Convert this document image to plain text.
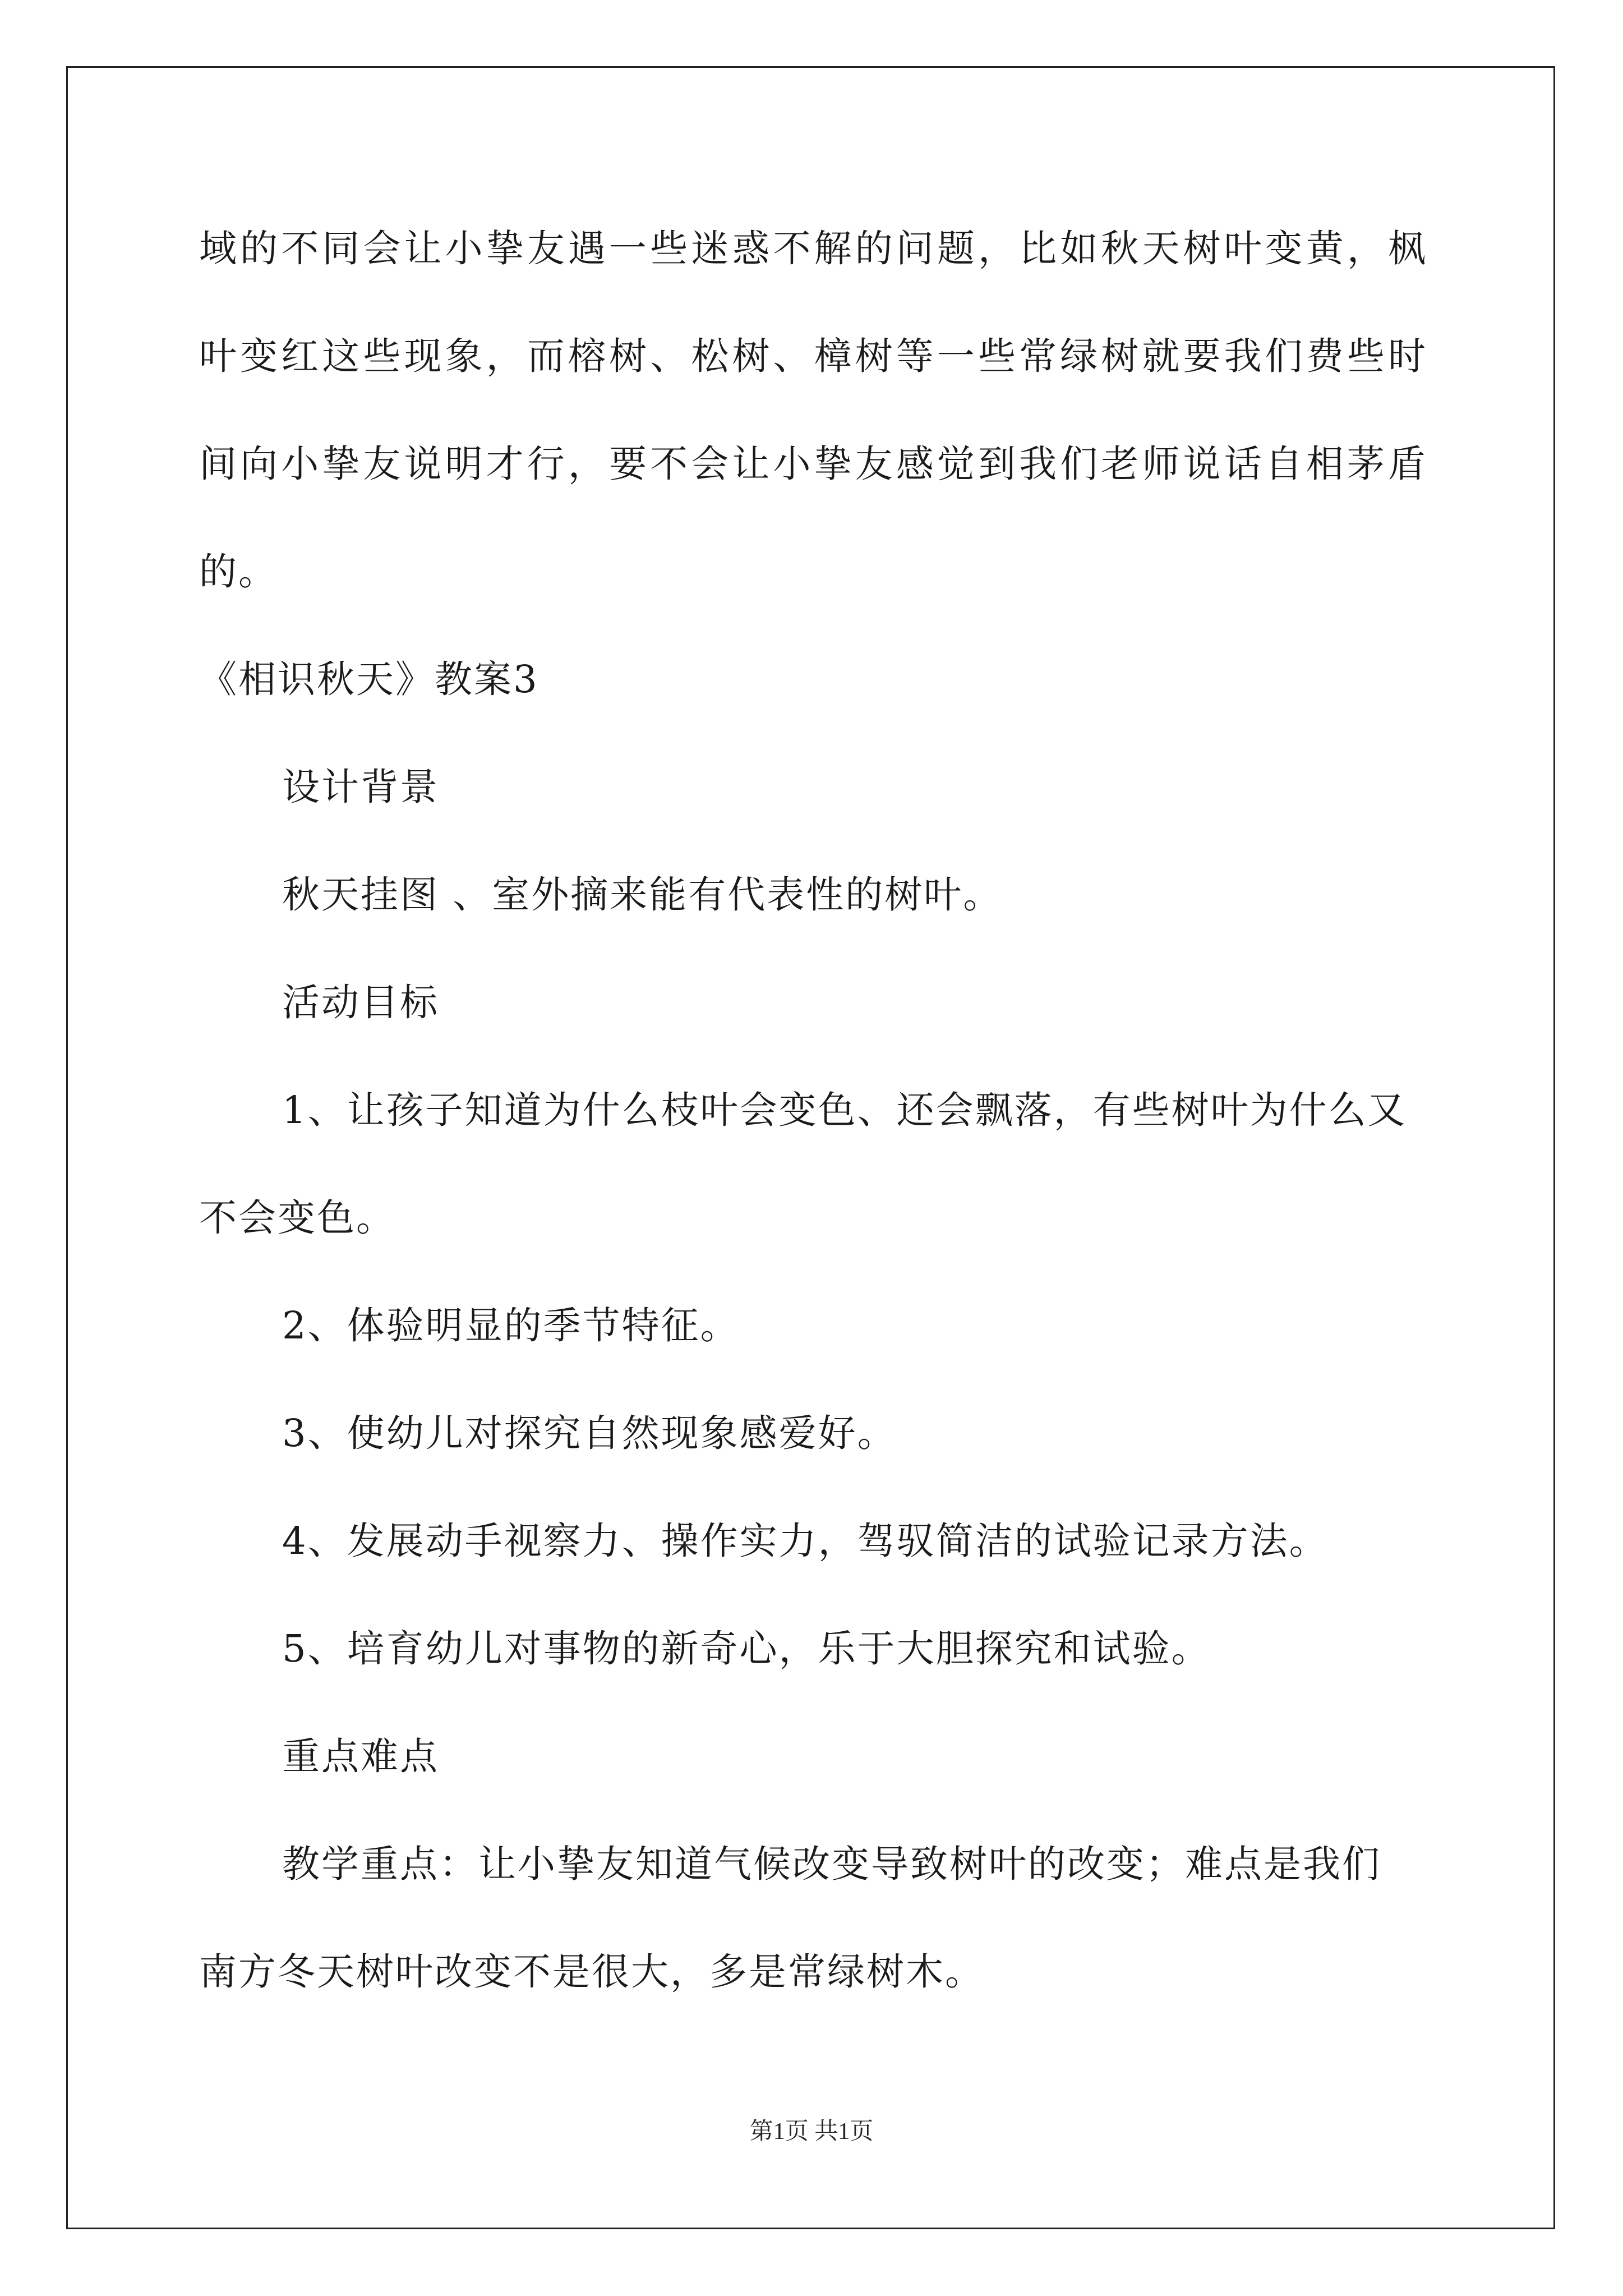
域的不同会让小挚友遇一些迷惑不解的问题，比如秋天树叶变黄，枫
叶变红这些现象，而榕树、松树、樟树等一些常绿树就要我们费些时
间向小挚友说明才行，要不会让小挚友感觉到我们老师说话自相茅盾
的。
《相识秋天》教案3
设计背景
秋天挂图 、室外摘来能有代表性的树叶。
活动目标
1、让孩子知道为什么枝叶会变色、还会飘落，有些树叶为什么又
不会变色。
2、体验明显的季节特征。
3、使幼儿对探究自然现象感爱好。
4、发展动手视察力、操作实力，驾驭简洁的试验记录方法。
5、培育幼儿对事物的新奇心，乐于大胆探究和试验。
重点难点
教学重点：让小挚友知道气候改变导致树叶的改变；难点是我们
南方冬天树叶改变不是很大，多是常绿树木。
第1页 共1页
